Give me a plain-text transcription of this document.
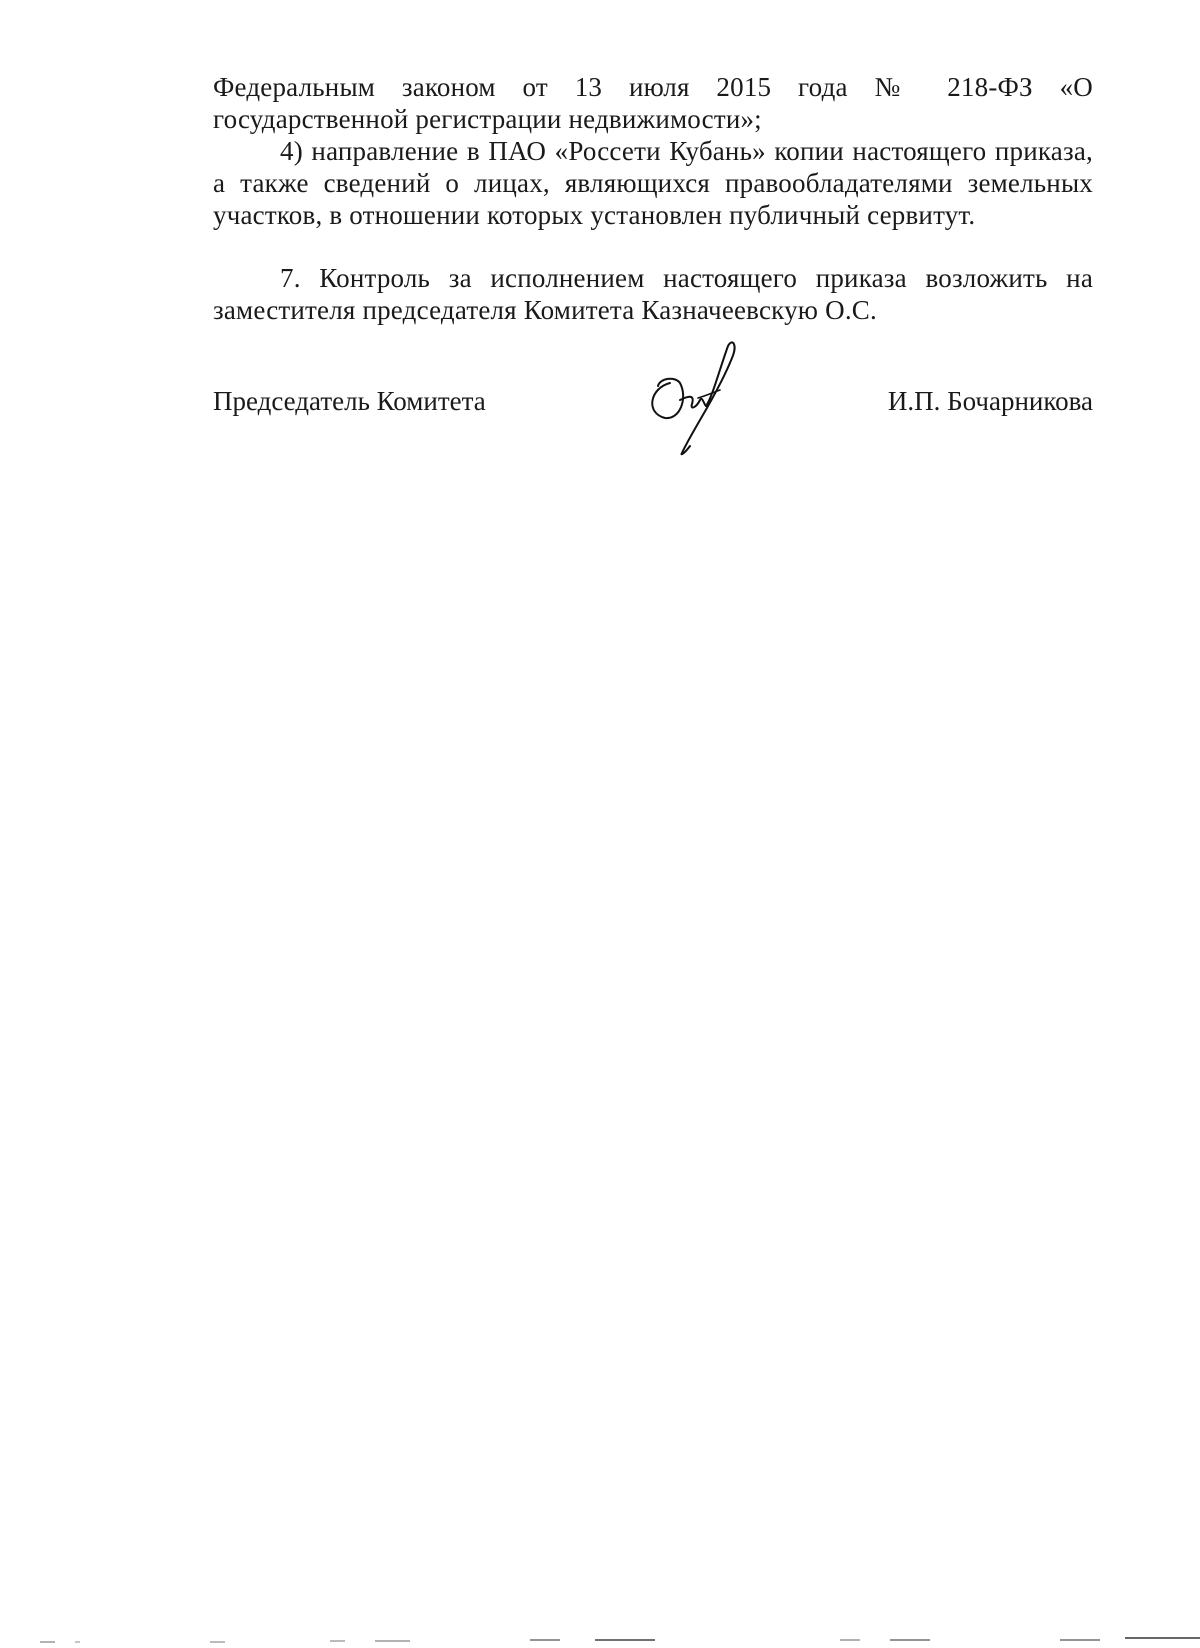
Федеральным законом от 13 июля 2015 года № 218-ФЗ «О государственной регистрации недвижимости»;

4) направление в ПАО «Россети Кубань» копии настоящего приказа, а также сведений о лицах, являющихся правообладателями земельных участков, в отношении которых установлен публичный сервитут.

7. Контроль за исполнением настоящего приказа возложить на заместителя председателя Комитета Казначеевскую О.С.

Председатель Комитета	И.П. Бочарникова
